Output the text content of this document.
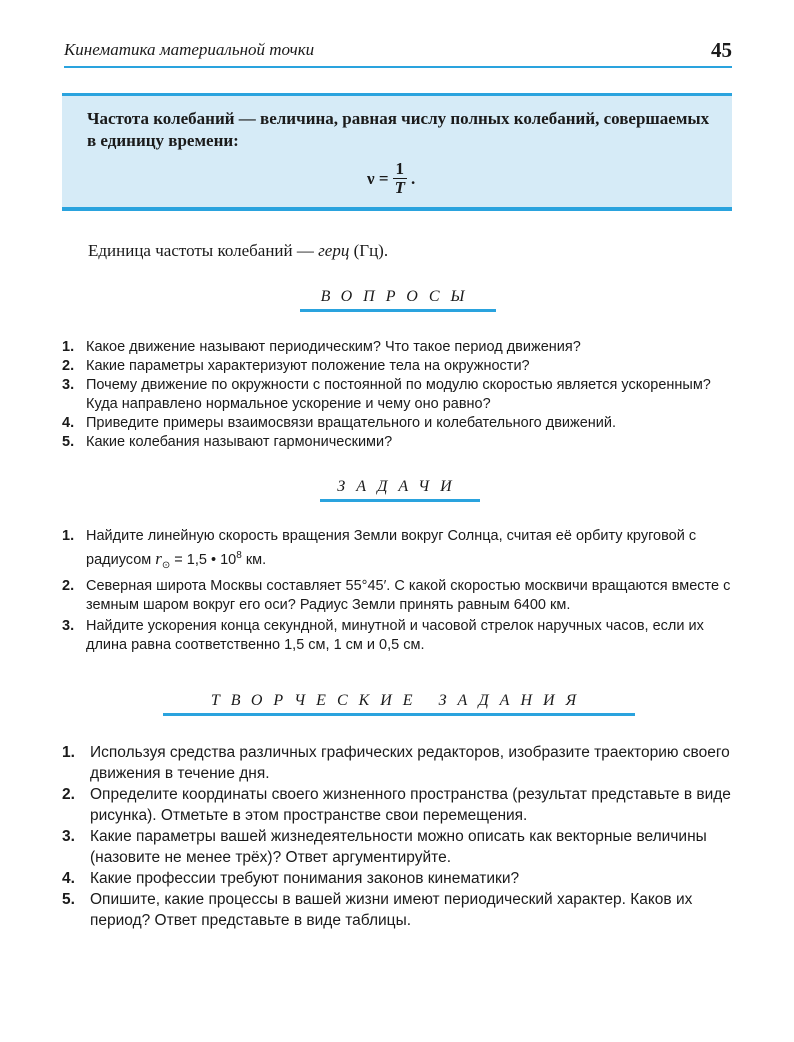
Кинематика материальной точки	45
Частота колебаний — величина, равная числу полных колебаний, совершаемых в единицу времени:
$\nu = \frac{1}{T}$ .
Единица частоты колебаний — герц (Гц).
ВОПРОСЫ
1. Какое движение называют периодическим? Что такое период движения?
2. Какие параметры характеризуют положение тела на окружности?
3. Почему движение по окружности с постоянной по модулю скоростью является ускоренным? Куда направлено нормальное ускорение и чему оно равно?
4. Приведите примеры взаимосвязи вращательного и колебательного движений.
5. Какие колебания называют гармоническими?
ЗАДАЧИ
1. Найдите линейную скорость вращения Земли вокруг Солнца, считая её орбиту круговой с радиусом $r_⊙ = 1,5$ • $10^8$ км.
2. Северная широта Москвы составляет 55°45′. С какой скоростью москвичи вращаются вместе с земным шаром вокруг его оси? Радиус Земли принять равным 6400 км.
3. Найдите ускорения конца секундной, минутной и часовой стрелок наручных часов, если их длина равна соответственно 1,5 см, 1 см и 0,5 см.
ТВОРЧЕСКИЕ ЗАДАНИЯ
1. Используя средства различных графических редакторов, изобразите траекторию своего движения в течение дня.
2. Определите координаты своего жизненного пространства (результат представьте в виде рисунка). Отметьте в этом пространстве свои перемещения.
3. Какие параметры вашей жизнедеятельности можно описать как векторные величины (назовите не менее трёх)? Ответ аргументируйте.
4. Какие профессии требуют понимания законов кинематики?
5. Опишите, какие процессы в вашей жизни имеют периодический характер. Каков их период? Ответ представьте в виде таблицы.
